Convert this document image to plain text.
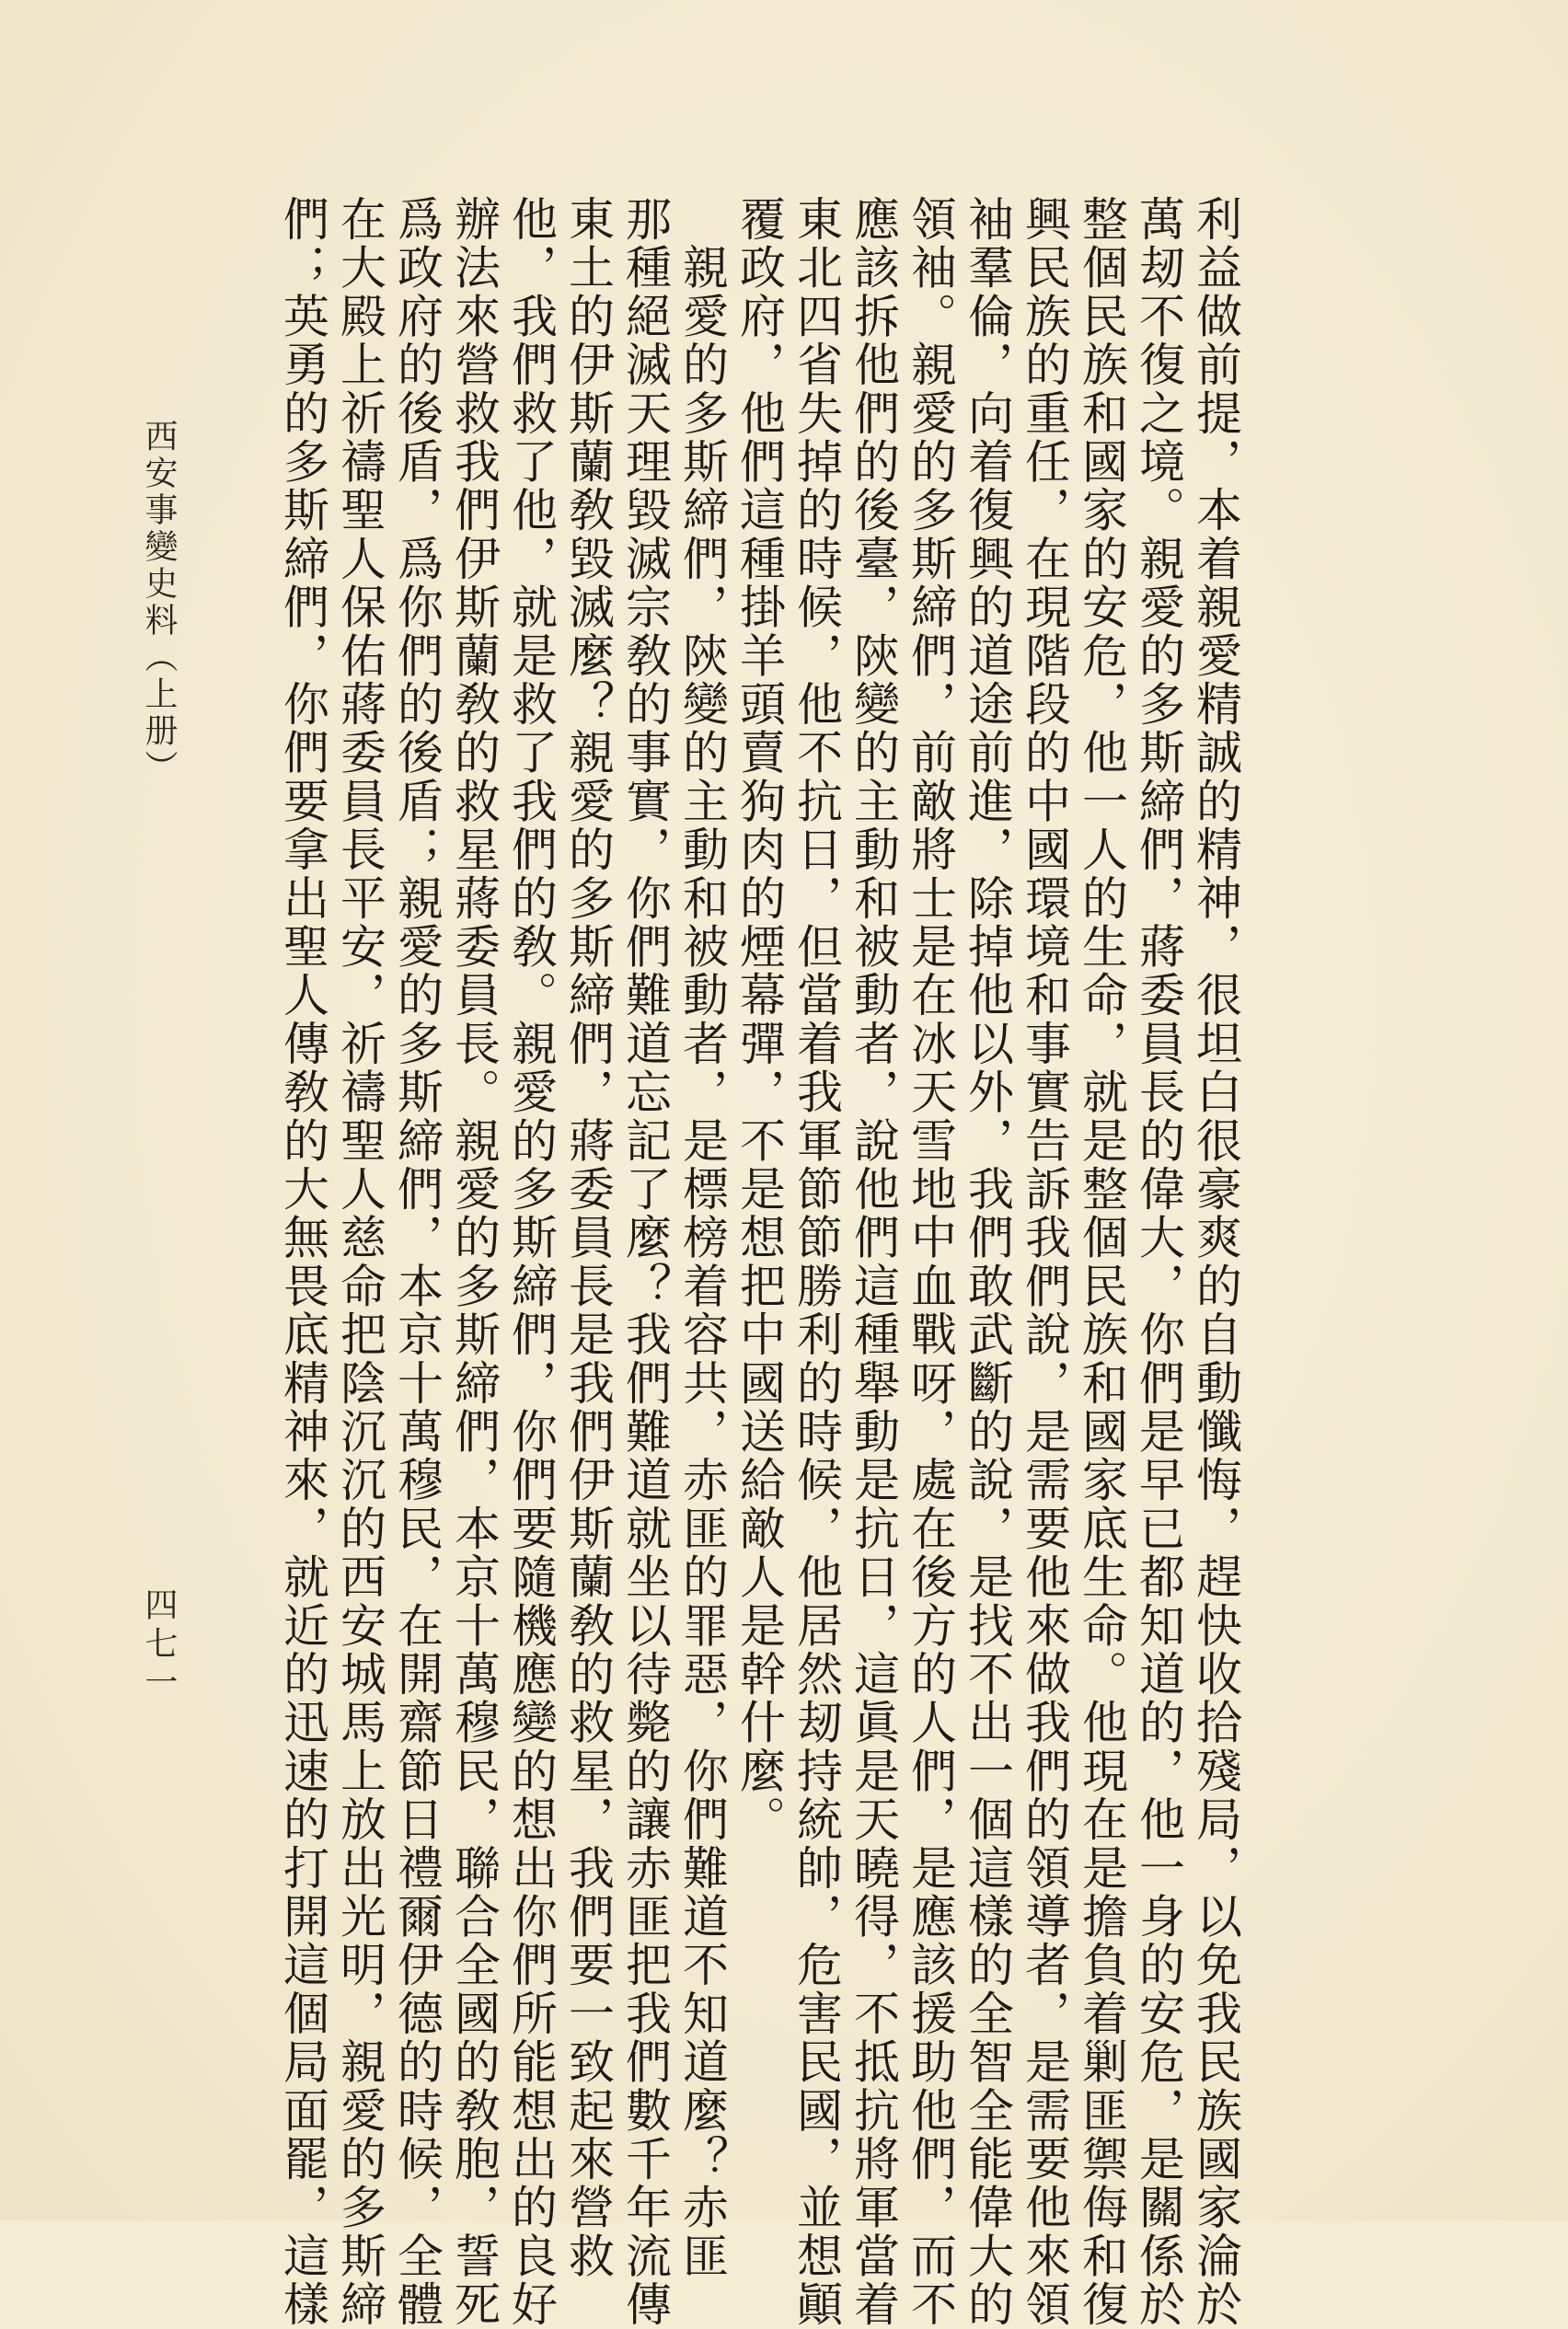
利益做前提，本着親愛精誠的精神，很坦白很豪爽的自動懺悔，趕快收拾殘局，以免我民族國家淪於
萬刼不復之境。親愛的多斯締們，蔣委員長的偉大，你們是早已都知道的，他一身的安危，是關係於
整個民族和國家的安危，他一人的生命，就是整個民族和國家底生命。他現在是擔負着剿匪禦侮和復
興民族的重任，在現階段的中國環境和事實告訴我們說，是需要他來做我們的領導者，是需要他來領
袖羣倫，向着復興的道途前進，除掉他以外，我們敢武斷的說，是找不出一個這樣的全智全能偉大的
領袖。親愛的多斯締們，前敵將士是在冰天雪地中血戰呀，處在後方的人們，是應該援助他們，而不
應該拆他們的後臺，陝變的主動和被動者，說他們這種舉動是抗日，這眞是天曉得，不抵抗將軍當着
東北四省失掉的時候，他不抗日，但當着我軍節節勝利的時候，他居然刼持統帥，危害民國，並想顚
覆政府，他們這種掛羊頭賣狗肉的煙幕彈，不是想把中國送給敵人是幹什麼。
　親愛的多斯締們，陝變的主動和被動者，是標榜着容共，赤匪的罪惡，你們難道不知道麼？赤匪
那種絕滅天理毀滅宗敎的事實，你們難道忘記了麼？我們難道就坐以待斃的讓赤匪把我們數千年流傳
東土的伊斯蘭敎毀滅麼？親愛的多斯締們，蔣委員長是我們伊斯蘭敎的救星，我們要一致起來營救
他，我們救了他，就是救了我們的敎。親愛的多斯締們，你們要隨機應變的想出你們所能想出的良好
辦法來營救我們伊斯蘭敎的救星蔣委員長。親愛的多斯締們，本京十萬穆民，聯合全國的敎胞，誓死
爲政府的後盾，爲你們的後盾；親愛的多斯締們，本京十萬穆民，在開齋節日禮爾伊德的時候，全體
在大殿上祈禱聖人保佑蔣委員長平安，祈禱聖人慈命把陰沉沉的西安城馬上放出光明，親愛的多斯締
們；英勇的多斯締們，你們要拿出聖人傳敎的大無畏底精神來，就近的迅速的打開這個局面罷，這樣
西安事變史料（上册）
四七一
